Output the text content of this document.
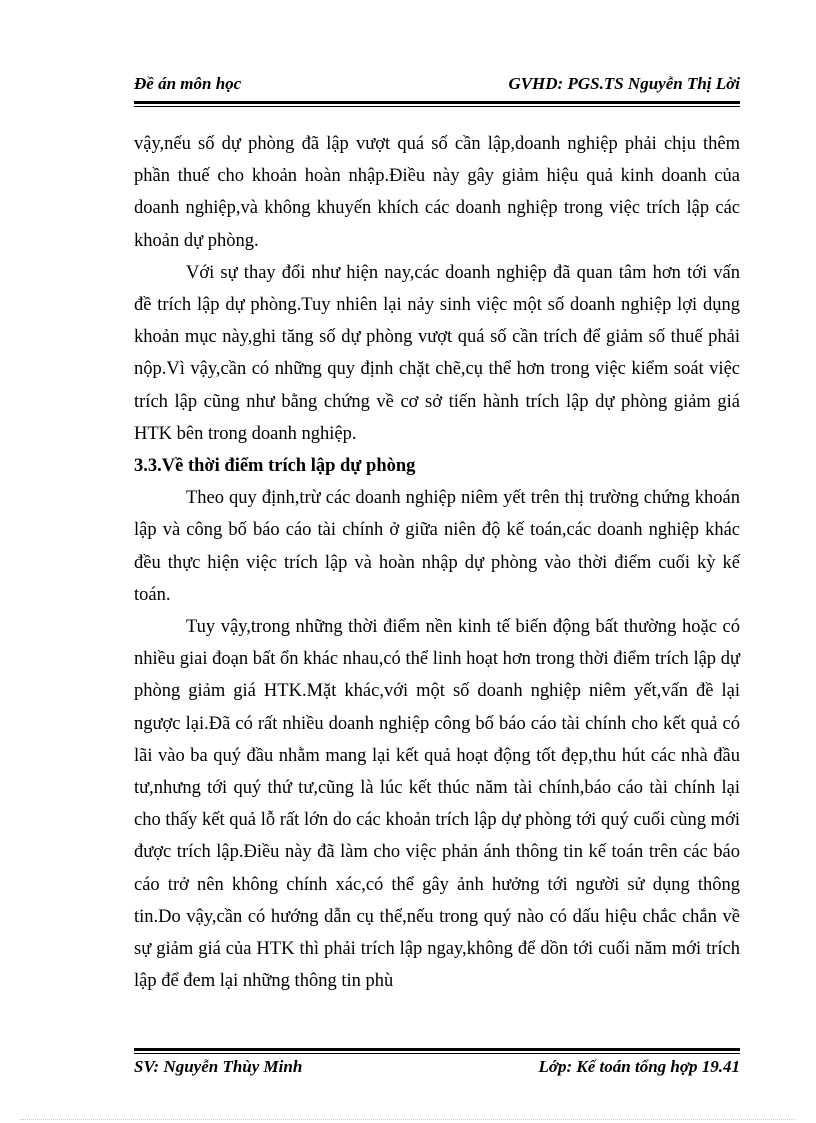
Đề án môn học	GVHD: PGS.TS Nguyễn Thị Lời

vậy,nếu số dự phòng đã lập vượt quá số cần lập,doanh nghiệp phải chịu thêm phần thuế cho khoản hoàn nhập.Điều này gây giảm hiệu quả kinh doanh của doanh nghiệp,và không khuyến khích các doanh nghiệp trong việc trích lập các khoản dự phòng.

Với sự thay đổi như hiện nay,các doanh nghiệp đã quan tâm hơn tới vấn đề trích lập dự phòng.Tuy nhiên lại nảy sinh việc một số doanh nghiệp lợi dụng khoản mục này,ghi tăng số dự phòng vượt quá số cần trích để giảm số thuế phải nộp.Vì vậy,cần có những quy định chặt chẽ,cụ thể hơn trong việc kiểm soát việc trích lập cũng như bằng chứng về cơ sở tiến hành trích lập dự phòng giảm giá HTK bên trong doanh nghiệp.

3.3.Về thời điểm trích lập dự phòng

Theo quy định,trừ các doanh nghiệp niêm yết trên thị trường chứng khoán lập và công bố báo cáo tài chính ở giữa niên độ kế toán,các doanh nghiệp khác đều thực hiện việc trích lập và hoàn nhập dự phòng vào thời điểm cuối kỳ kế toán.

Tuy vậy,trong những thời điểm nền kinh tế biến động bất thường hoặc có nhiều giai đoạn bất ổn khác nhau,có thể linh hoạt hơn trong thời điểm trích lập dự phòng giảm giá HTK.Mặt khác,với một số doanh nghiệp niêm yết,vấn đề lại ngược lại.Đã có rất nhiều doanh nghiệp công bố báo cáo tài chính cho kết quả có lãi vào ba quý đầu nhằm mang lại kết quả hoạt động tốt đẹp,thu hút các nhà đầu tư,nhưng tới quý thứ tư,cũng là lúc kết thúc năm tài chính,báo cáo tài chính lại cho thấy kết quả lỗ rất lớn do các khoản trích lập dự phòng tới quý cuối cùng mới được trích lập.Điều này đã làm cho việc phản ánh thông tin kế toán trên các báo cáo trở nên không chính xác,có thể gây ảnh hưởng tới người sử dụng thông tin.Do vậy,cần có hướng dẫn cụ thể,nếu trong quý nào có dấu hiệu chắc chắn về sự giảm giá của HTK thì phải trích lập ngay,không để dồn tới cuối năm mới trích lập để đem lại những thông tin phù

SV: Nguyễn Thùy Minh	Lớp: Kế toán tổng hợp 19.41
